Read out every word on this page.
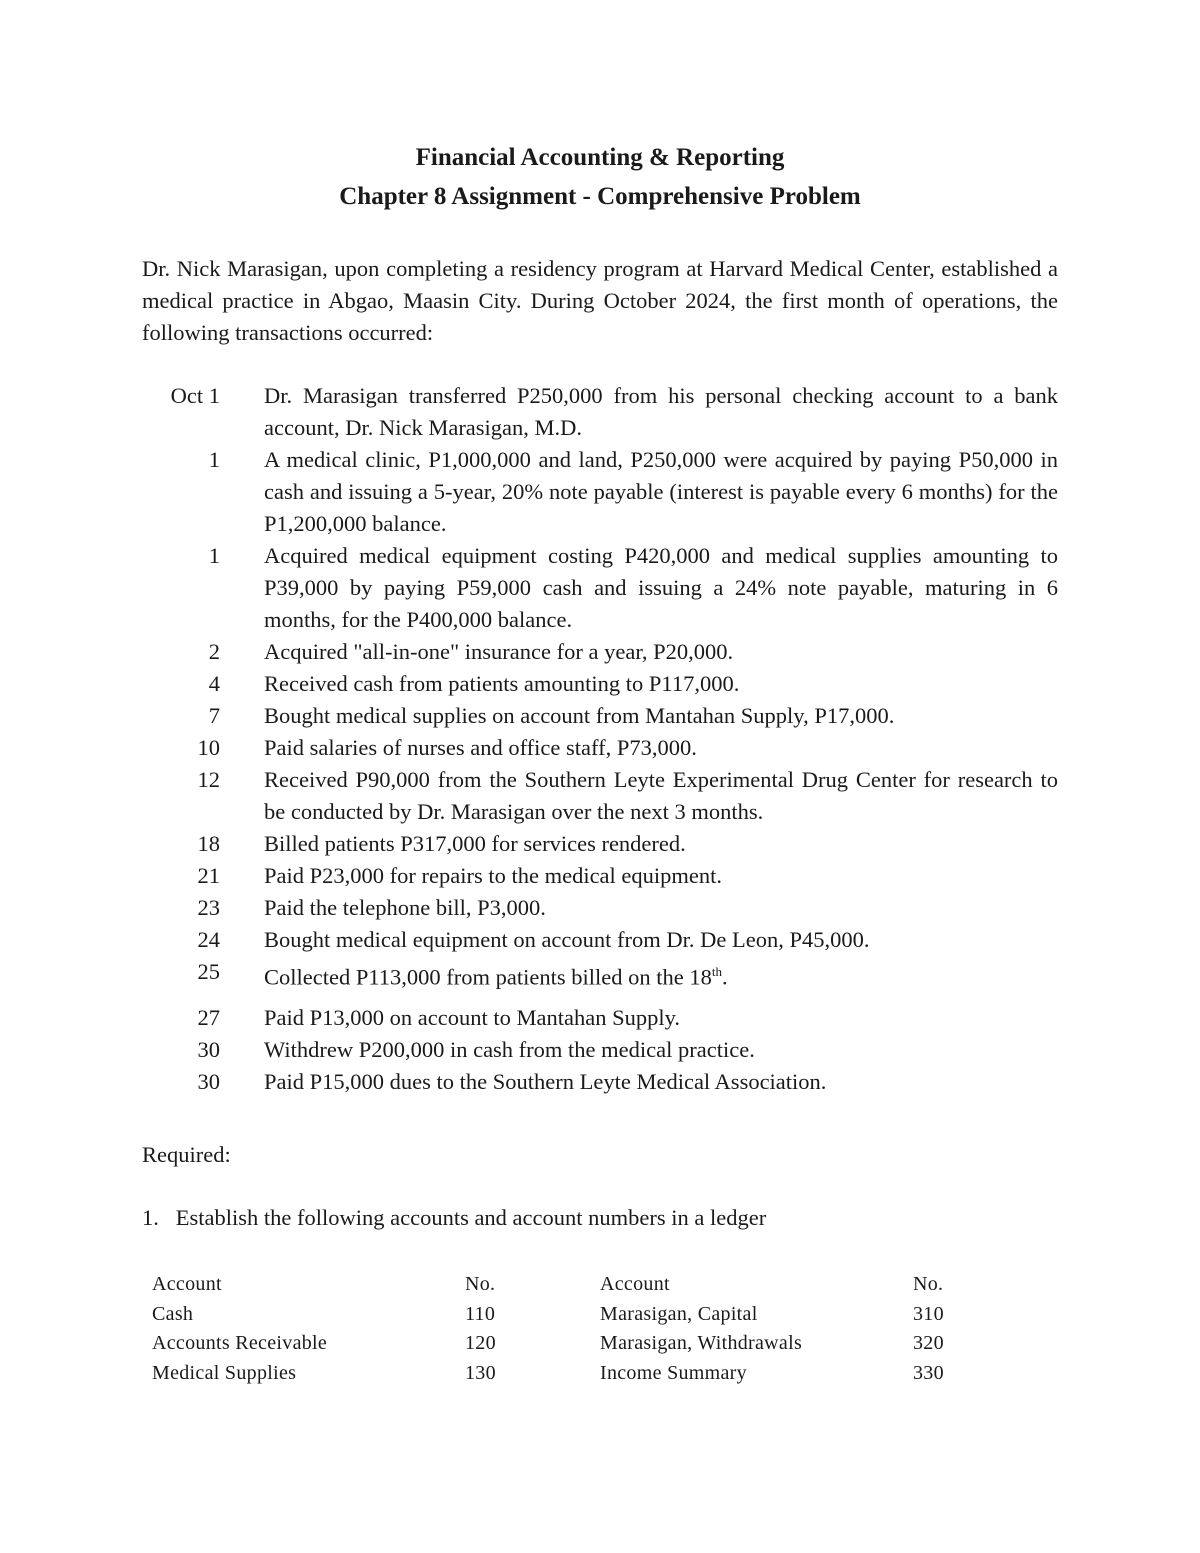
Financial Accounting & Reporting
Chapter 8 Assignment - Comprehensive Problem
Dr. Nick Marasigan, upon completing a residency program at Harvard Medical Center, established a medical practice in Abgao, Maasin City. During October 2024, the first month of operations, the following transactions occurred:
Oct 1 Dr. Marasigan transferred P250,000 from his personal checking account to a bank account, Dr. Nick Marasigan, M.D.
1 A medical clinic, P1,000,000 and land, P250,000 were acquired by paying P50,000 in cash and issuing a 5-year, 20% note payable (interest is payable every 6 months) for the P1,200,000 balance.
1 Acquired medical equipment costing P420,000 and medical supplies amounting to P39,000 by paying P59,000 cash and issuing a 24% note payable, maturing in 6 months, for the P400,000 balance.
2 Acquired "all-in-one" insurance for a year, P20,000.
4 Received cash from patients amounting to P117,000.
7 Bought medical supplies on account from Mantahan Supply, P17,000.
10 Paid salaries of nurses and office staff, P73,000.
12 Received P90,000 from the Southern Leyte Experimental Drug Center for research to be conducted by Dr. Marasigan over the next 3 months.
18 Billed patients P317,000 for services rendered.
21 Paid P23,000 for repairs to the medical equipment.
23 Paid the telephone bill, P3,000.
24 Bought medical equipment on account from Dr. De Leon, P45,000.
25 Collected P113,000 from patients billed on the 18th.
27 Paid P13,000 on account to Mantahan Supply.
30 Withdrew P200,000 in cash from the medical practice.
30 Paid P15,000 dues to the Southern Leyte Medical Association.
Required:
1. Establish the following accounts and account numbers in a ledger
Account	No.	Account	No.
Cash	110	Marasigan, Capital	310
Accounts Receivable	120	Marasigan, Withdrawals	320
Medical Supplies	130	Income Summary	330
